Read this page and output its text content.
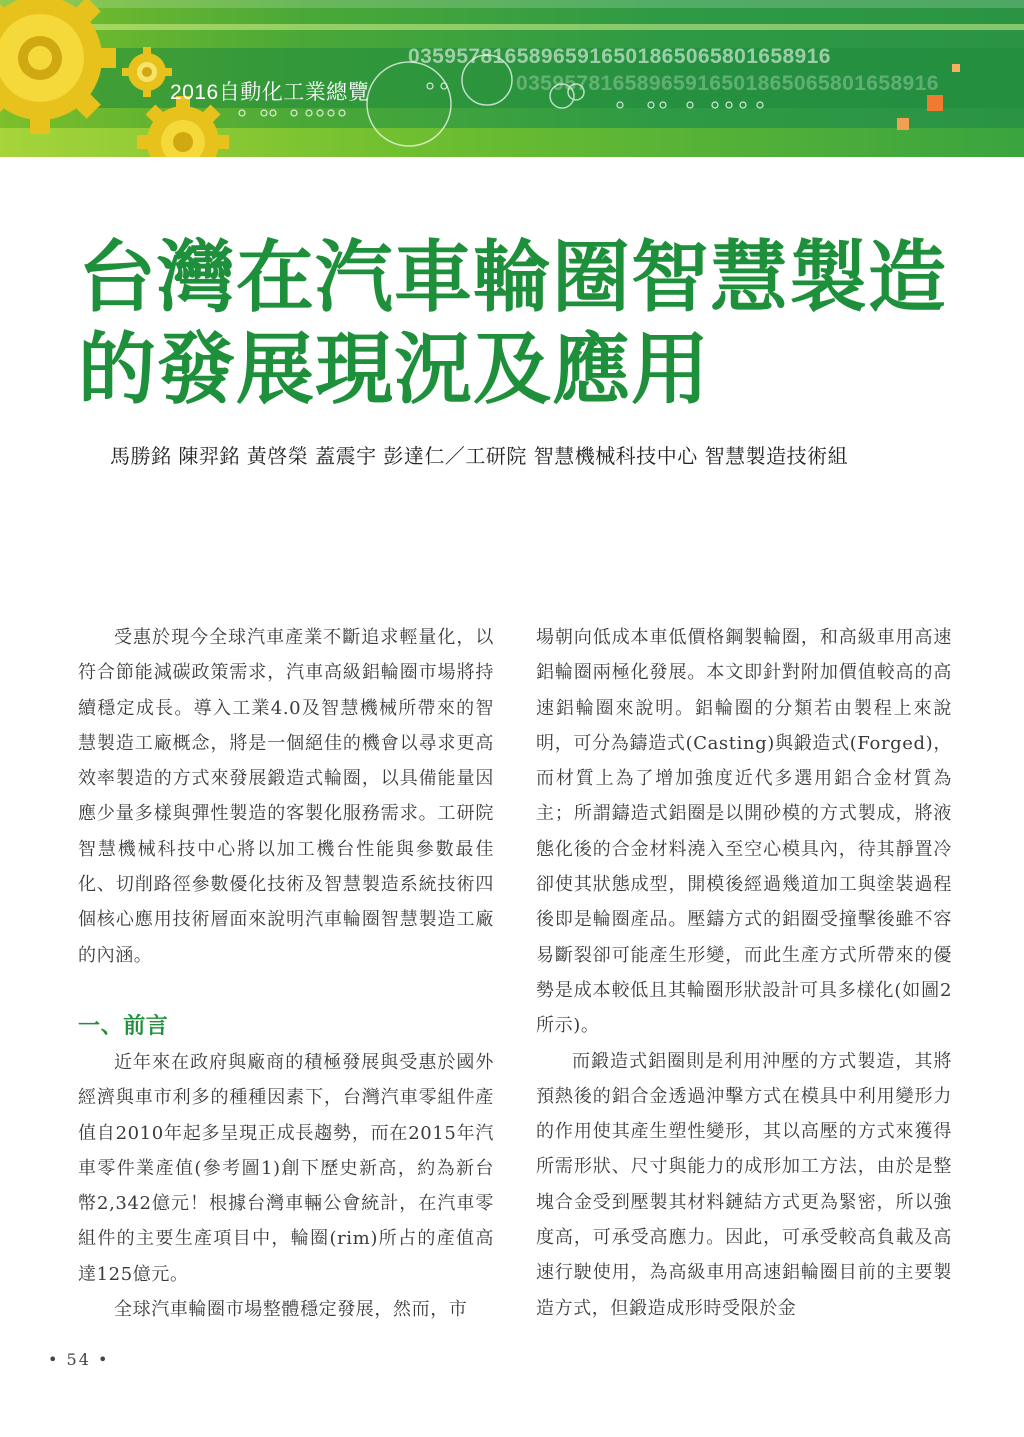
2016自動化工業總覽
035957816589659165018650658016589​16
0359578165896591650186506580165891​6
台灣在汽車輪圈智慧製造
的發展現況及應用
馬勝銘 陳羿銘 黃啓榮 蓋震宇 彭達仁／工研院 智慧機械科技中心 智慧製造技術組

受惠於現今全球汽車產業不斷追求輕量化，以符合節能減碳政策需求，汽車高級鋁輪圈市場將持續穩定成長。導入工業4.0及智慧機械所帶來的智慧製造工廠概念，將是一個絕佳的機會以尋求更高效率製造的方式來發展鍛造式輪圈，以具備能量因應少量多樣與彈性製造的客製化服務需求。工研院智慧機械科技中心將以加工機台性能與參數最佳化、切削路徑參數優化技術及智慧製造系統技術四個核心應用技術層面來說明汽車輪圈智慧製造工廠的內涵。

一、前言

近年來在政府與廠商的積極發展與受惠於國外經濟與車市利多的種種因素下，台灣汽車零組件產值自2010年起多呈現正成長趨勢，而在2015年汽車零件業產值(參考圖1)創下歷史新高，約為新台幣2,342億元！根據台灣車輛公會統計，在汽車零組件的主要生產項目中，輪圈(rim)所占的產值高達125億元。

全球汽車輪圈市場整體穩定發展，然而，市

場朝向低成本車低價格鋼製輪圈，和高級車用高速鋁輪圈兩極化發展。本文即針對附加價值較高的高速鋁輪圈來說明。鋁輪圈的分類若由製程上來說明，可分為鑄造式(Casting)與鍛造式(Forged)，而材質上為了增加強度近代多選用鋁合金材質為主；所謂鑄造式鋁圈是以開砂模的方式製成，將液態化後的合金材料澆入至空心模具內，待其靜置冷卻使其狀態成型，開模後經過幾道加工與塗裝過程後即是輪圈產品。壓鑄方式的鋁圈受撞擊後雖不容易斷裂卻可能產生形變，而此生產方式所帶來的優勢是成本較低且其輪圈形狀設計可具多樣化(如圖2所示)。

而鍛造式鋁圈則是利用沖壓的方式製造，其將預熱後的鋁合金透過沖擊方式在模具中利用變形力的作用使其產生塑性變形，其以高壓的方式來獲得所需形狀、尺寸與能力的成形加工方法，由於是整塊合金受到壓製其材料鏈結方式更為緊密，所以強度高，可承受高應力。因此，可承受較高負載及高速行駛使用，為高級車用高速鋁輪圈目前的主要製造方式，但鍛造成形時受限於金

• 54 •
